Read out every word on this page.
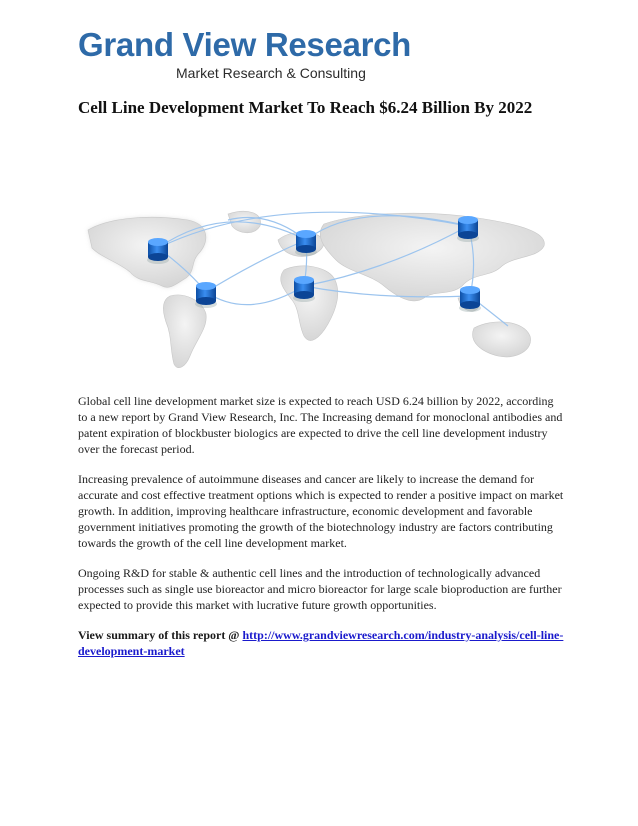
Grand View Research
Market Research & Consulting
Cell Line Development Market To Reach $6.24 Billion By 2022

Global cell line development market size is expected to reach USD 6.24 billion by 2022, according to a new report by Grand View Research, Inc. The Increasing demand for monoclonal antibodies and patent expiration of blockbuster biologics are expected to drive the cell line development industry over the forecast period.

Increasing prevalence of autoimmune diseases and cancer are likely to increase the demand for accurate and cost effective treatment options which is expected to render a positive impact on market growth. In addition, improving healthcare infrastructure, economic development and favorable government initiatives promoting the growth of the biotechnology industry are factors contributing towards the growth of the cell line development market.

Ongoing R&D for stable & authentic cell lines and the introduction of technologically advanced processes such as single use bioreactor and micro bioreactor for large scale bioproduction are further expected to provide this market with lucrative future growth opportunities.

View summary of this report @ http://www.grandviewresearch.com/industry-analysis/cell-line-development-market
